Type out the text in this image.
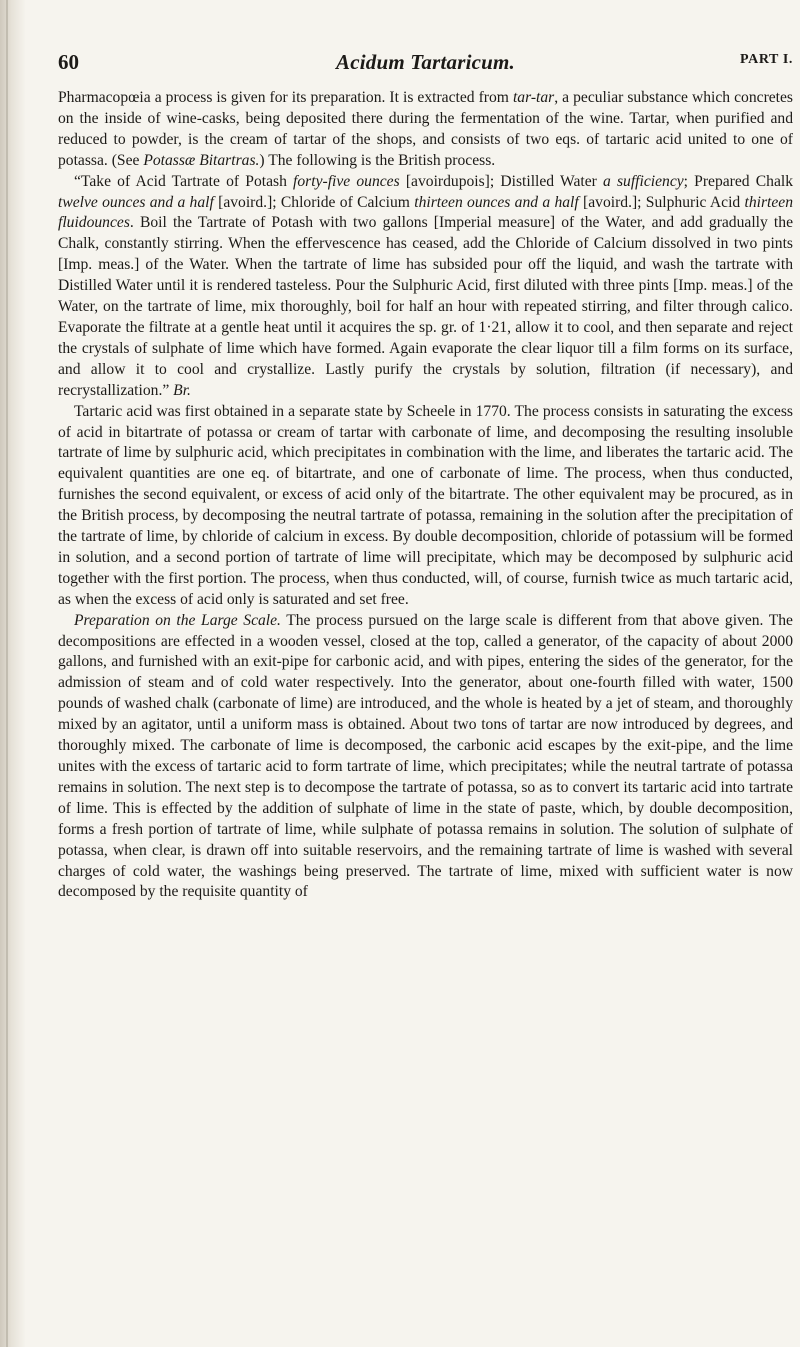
60	Acidum Tartaricum.	PART I.

Pharmacopœia a process is given for its preparation. It is extracted from tar-tar, a peculiar substance which concretes on the inside of wine-casks, being deposited there during the fermentation of the wine. Tartar, when purified and reduced to powder, is the cream of tartar of the shops, and consists of two eqs. of tartaric acid united to one of potassa. (See Potassæ Bitartras.) The following is the British process.

“Take of Acid Tartrate of Potash forty-five ounces [avoirdupois]; Distilled Water a sufficiency; Prepared Chalk twelve ounces and a half [avoird.]; Chloride of Calcium thirteen ounces and a half [avoird.]; Sulphuric Acid thirteen fluidounces. Boil the Tartrate of Potash with two gallons [Imperial measure] of the Water, and add gradually the Chalk, constantly stirring. When the effervescence has ceased, add the Chloride of Calcium dissolved in two pints [Imp. meas.] of the Water. When the tartrate of lime has subsided pour off the liquid, and wash the tartrate with Distilled Water until it is rendered tasteless. Pour the Sulphuric Acid, first diluted with three pints [Imp. meas.] of the Water, on the tartrate of lime, mix thoroughly, boil for half an hour with repeated stirring, and filter through calico. Evaporate the filtrate at a gentle heat until it acquires the sp. gr. of 1·21, allow it to cool, and then separate and reject the crystals of sulphate of lime which have formed. Again evaporate the clear liquor till a film forms on its surface, and allow it to cool and crystallize. Lastly purify the crystals by solution, filtration (if necessary), and recrystallization.” Br.

Tartaric acid was first obtained in a separate state by Scheele in 1770. The process consists in saturating the excess of acid in bitartrate of potassa or cream of tartar with carbonate of lime, and decomposing the resulting insoluble tartrate of lime by sulphuric acid, which precipitates in combination with the lime, and liberates the tartaric acid. The equivalent quantities are one eq. of bitartrate, and one of carbonate of lime. The process, when thus conducted, furnishes the second equivalent, or excess of acid only of the bitartrate. The other equivalent may be procured, as in the British process, by decomposing the neutral tartrate of potassa, remaining in the solution after the precipitation of the tartrate of lime, by chloride of calcium in excess. By double decomposition, chloride of potassium will be formed in solution, and a second portion of tartrate of lime will precipitate, which may be decomposed by sulphuric acid together with the first portion. The process, when thus conducted, will, of course, furnish twice as much tartaric acid, as when the excess of acid only is saturated and set free.

Preparation on the Large Scale. The process pursued on the large scale is different from that above given. The decompositions are effected in a wooden vessel, closed at the top, called a generator, of the capacity of about 2000 gallons, and furnished with an exit-pipe for carbonic acid, and with pipes, entering the sides of the generator, for the admission of steam and of cold water respectively. Into the generator, about one-fourth filled with water, 1500 pounds of washed chalk (carbonate of lime) are introduced, and the whole is heated by a jet of steam, and thoroughly mixed by an agitator, until a uniform mass is obtained. About two tons of tartar are now introduced by degrees, and thoroughly mixed. The carbonate of lime is decomposed, the carbonic acid escapes by the exit-pipe, and the lime unites with the excess of tartaric acid to form tartrate of lime, which precipitates; while the neutral tartrate of potassa remains in solution. The next step is to decompose the tartrate of potassa, so as to convert its tartaric acid into tartrate of lime. This is effected by the addition of sulphate of lime in the state of paste, which, by double decomposition, forms a fresh portion of tartrate of lime, while sulphate of potassa remains in solution. The solution of sulphate of potassa, when clear, is drawn off into suitable reservoirs, and the remaining tartrate of lime is washed with several charges of cold water, the washings being preserved. The tartrate of lime, mixed with sufficient water is now decomposed by the requisite quantity of
